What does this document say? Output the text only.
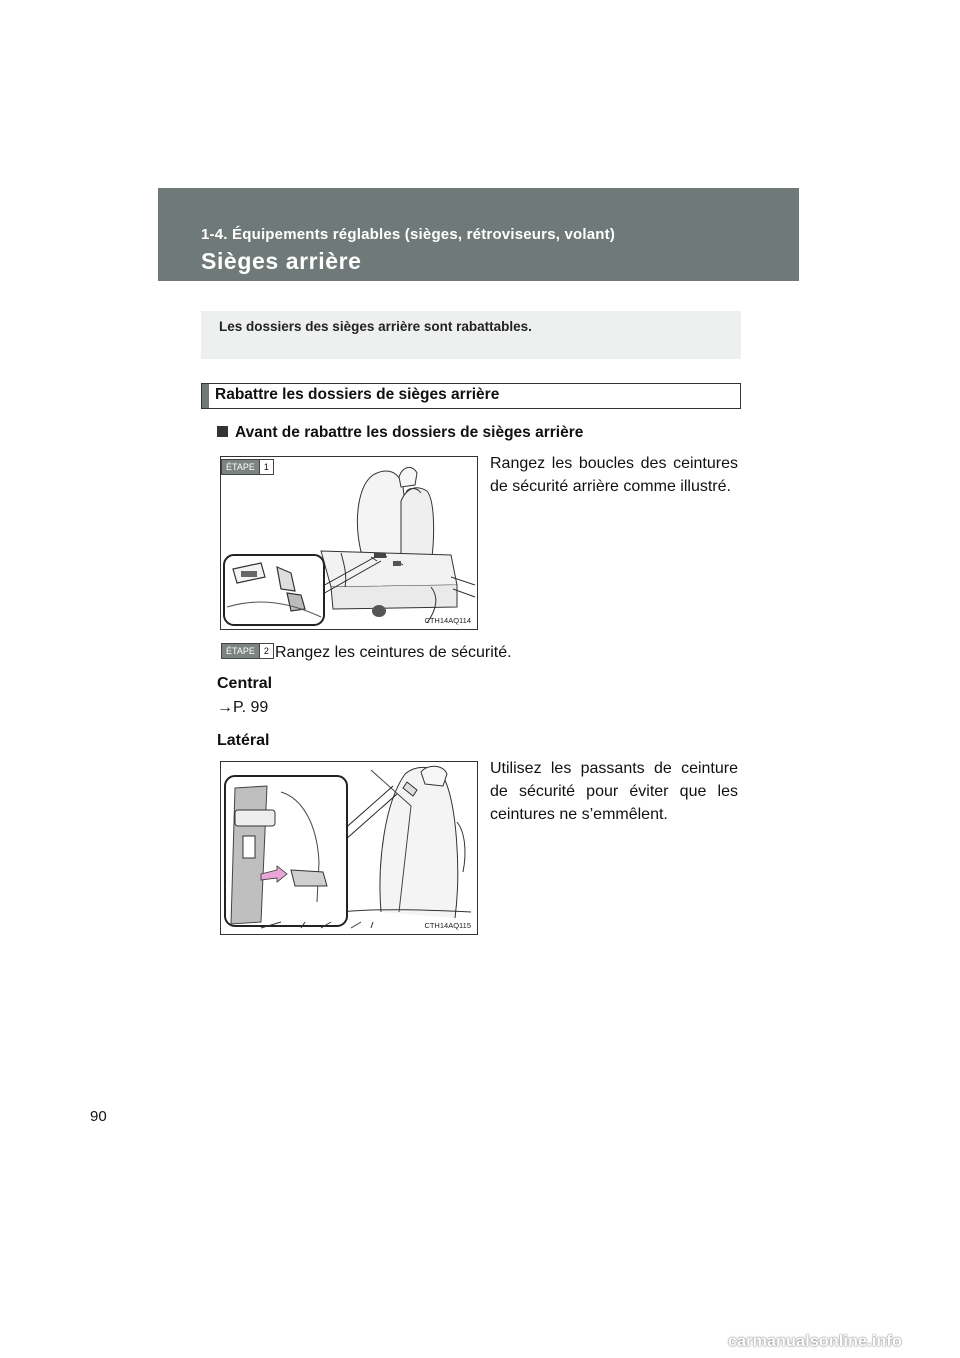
1-4. Équipements réglables (sièges, rétroviseurs, volant)
Sièges arrière
Les dossiers des sièges arrière sont rabattables.
Rabattre les dossiers de sièges arrière
Avant de rabattre les dossiers de sièges arrière
CTH14AQ114
ÉTAPE	1	Rangez les boucles des ceintures de sécurité arrière comme illustré.
ÉTAPE	2 Rangez les ceintures de sécurité.
Central
→P. 99
Latéral
Utilisez les passants de ceinture de sécurité pour éviter que les ceintures ne s’emmêlent.
CTH14AQ115
90
carmanualsonline.info
